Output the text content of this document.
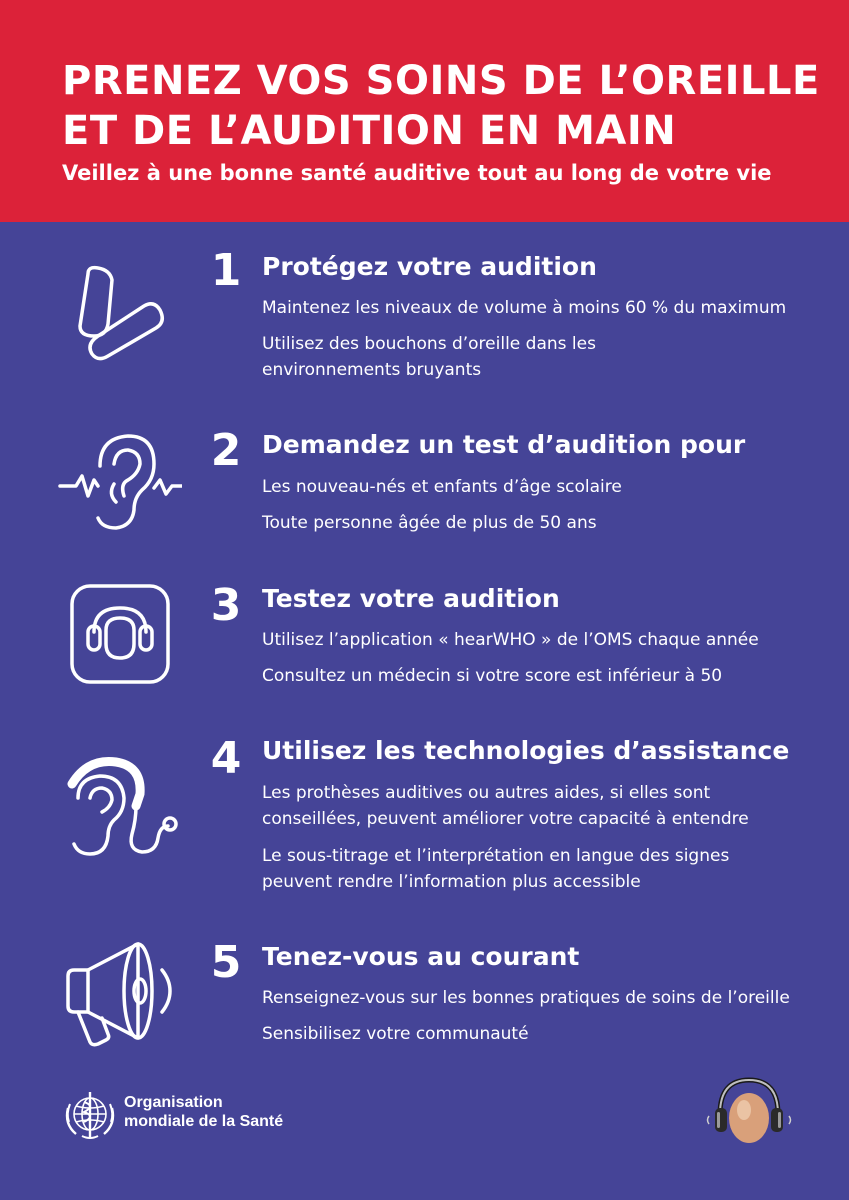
PRENEZ VOS SOINS DE L’OREILLE
ET DE L’AUDITION EN MAIN
Veillez à une bonne santé auditive tout au long de votre vie
1 Protégez votre audition
Maintenez les niveaux de volume à moins 60 % du maximum
Utilisez des bouchons d’oreille dans les environnements bruyants
2 Demandez un test d’audition pour
Les nouveau-nés et enfants d’âge scolaire
Toute personne âgée de plus de 50 ans
3 Testez votre audition
Utilisez l’application « hearWHO » de l’OMS chaque année
Consultez un médecin si votre score est inférieur à 50
4 Utilisez les technologies d’assistance
Les prothèses auditives ou autres aides, si elles sont conseillées, peuvent améliorer votre capacité à entendre
Le sous-titrage et l’interprétation en langue des signes peuvent rendre l’information plus accessible
5 Tenez-vous au courant
Renseignez-vous sur les bonnes pratiques de soins de l’oreille
Sensibilisez votre communauté
Organisation
mondiale de la Santé
